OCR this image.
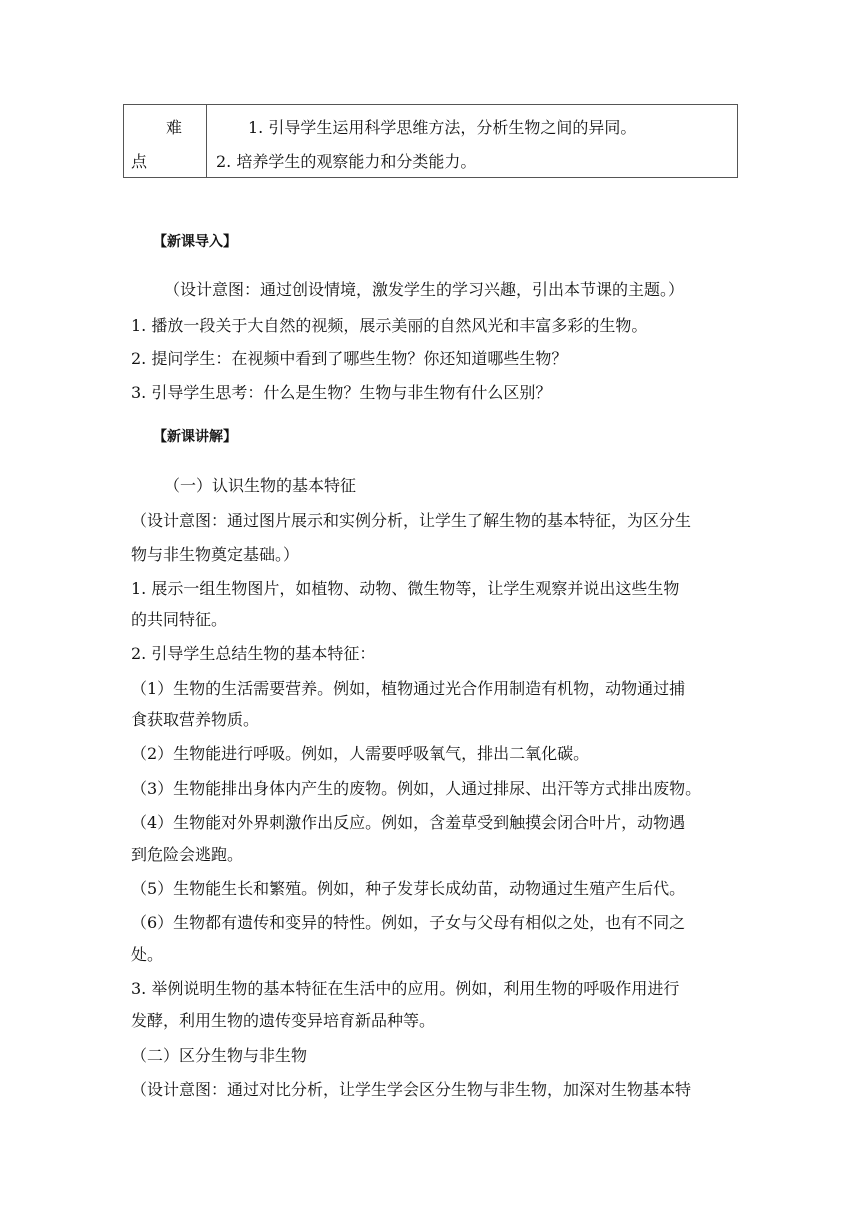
难
点
1. 引导学生运用科学思维方法，分析生物之间的异同。
2. 培养学生的观察能力和分类能力。
【新课导入】
（设计意图：通过创设情境，激发学生的学习兴趣，引出本节课的主题。）
1. 播放一段关于大自然的视频，展示美丽的自然风光和丰富多彩的生物。
2. 提问学生：在视频中看到了哪些生物？你还知道哪些生物？
3. 引导学生思考：什么是生物？生物与非生物有什么区别？
【新课讲解】
（一）认识生物的基本特征
（设计意图：通过图片展示和实例分析，让学生了解生物的基本特征，为区分生
物与非生物奠定基础。）
1. 展示一组生物图片，如植物、动物、微生物等，让学生观察并说出这些生物
的共同特征。
2. 引导学生总结生物的基本特征：
（1）生物的生活需要营养。例如，植物通过光合作用制造有机物，动物通过捕
食获取营养物质。
（2）生物能进行呼吸。例如，人需要呼吸氧气，排出二氧化碳。
（3）生物能排出身体内产生的废物。例如，人通过排尿、出汗等方式排出废物。
（4）生物能对外界刺激作出反应。例如，含羞草受到触摸会闭合叶片，动物遇
到危险会逃跑。
（5）生物能生长和繁殖。例如，种子发芽长成幼苗，动物通过生殖产生后代。
（6）生物都有遗传和变异的特性。例如，子女与父母有相似之处，也有不同之
处。
3. 举例说明生物的基本特征在生活中的应用。例如，利用生物的呼吸作用进行
发酵，利用生物的遗传变异培育新品种等。
（二）区分生物与非生物
（设计意图：通过对比分析，让学生学会区分生物与非生物，加深对生物基本特
